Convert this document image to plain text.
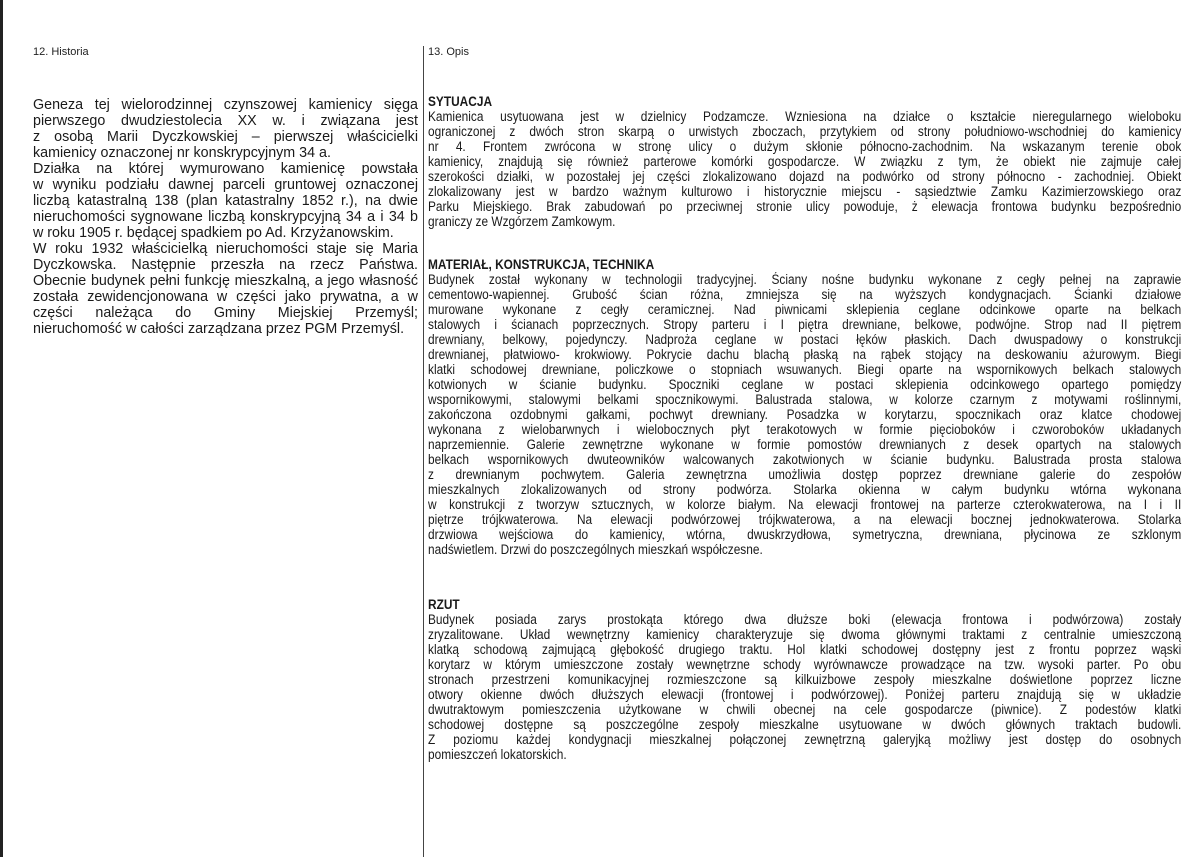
12. Historia	13. Opis
Geneza tej wielorodzinnej czynszowej kamienicy sięga
pierwszego dwudziestolecia XX w. i związana jest
z osobą Marii Dyczkowskiej – pierwszej właścicielki
kamienicy oznaczonej nr konskrypcyjnym 34 a.
Działka na której wymurowano kamienicę powstała
w wyniku podziału dawnej parceli gruntowej oznaczonej
liczbą katastralną 138 (plan katastralny 1852 r.), na dwie
nieruchomości sygnowane liczbą konskrypcyjną 34 a i 34 b
w roku 1905 r. będącej spadkiem po Ad. Krzyżanowskim.
W roku 1932 właścicielką nieruchomości staje się Maria
Dyczkowska. Następnie przeszła na rzecz Państwa.
Obecnie budynek pełni funkcję mieszkalną, a jego własność
została zewidencjonowana w części jako prywatna, a w
części należąca do Gminy Miejskiej Przemyśl;
nieruchomość w całości zarządzana przez PGM Przemyśl.
SYTUACJA
Kamienica usytuowana jest w dzielnicy Podzamcze. Wzniesiona na działce o kształcie nieregularnego wieloboku
ograniczonej z dwóch stron skarpą o urwistych zboczach, przytykiem od strony południowo-wschodniej do kamienicy
nr 4. Frontem zwrócona w stronę ulicy o dużym skłonie północno-zachodnim. Na wskazanym terenie obok
kamienicy, znajdują się również parterowe komórki gospodarcze. W związku z tym, że obiekt nie zajmuje całej
szerokości działki, w pozostałej jej części zlokalizowano dojazd na podwórko od strony północno - zachodniej. Obiekt
zlokalizowany jest w bardzo ważnym kulturowo i historycznie miejscu - sąsiedztwie Zamku Kazimierzowskiego oraz
Parku Miejskiego. Brak zabudowań po przeciwnej stronie ulicy powoduje, ż elewacja frontowa budynku bezpośrednio
graniczy ze Wzgórzem Zamkowym.
MATERIAŁ, KONSTRUKCJA, TECHNIKA
Budynek został wykonany w technologii tradycyjnej. Ściany nośne budynku wykonane z cegły pełnej na zaprawie
cementowo-wapiennej. Grubość ścian różna, zmniejsza się na wyższych kondygnacjach. Ścianki działowe
murowane wykonane z cegły ceramicznej. Nad piwnicami sklepienia ceglane odcinkowe oparte na belkach
stalowych i ścianach poprzecznych. Stropy parteru i I piętra drewniane, belkowe, podwójne. Strop nad II piętrem
drewniany, belkowy, pojedynczy. Nadproża ceglane w postaci łęków płaskich. Dach dwuspadowy o konstrukcji
drewnianej, płatwiowo- krokwiowy. Pokrycie dachu blachą płaską na rąbek stojący na deskowaniu ażurowym. Biegi
klatki schodowej drewniane, policzkowe o stopniach wsuwanych. Biegi oparte na wspornikowych belkach stalowych
kotwionych w ścianie budynku. Spoczniki ceglane w postaci sklepienia odcinkowego opartego pomiędzy
wspornikowymi, stalowymi belkami spocznikowymi. Balustrada stalowa, w kolorze czarnym z motywami roślinnymi,
zakończona ozdobnymi gałkami, pochwyt drewniany. Posadzka w korytarzu, spocznikach oraz klatce chodowej
wykonana z wielobarwnych i wielobocznych płyt terakotowych w formie pięcioboków i czworoboków układanych
naprzemiennie. Galerie zewnętrzne wykonane w formie pomostów drewnianych z desek opartych na stalowych
belkach wspornikowych dwuteowników walcowanych zakotwionych w ścianie budynku. Balustrada prosta stalowa
z drewnianym pochwytem. Galeria zewnętrzna umożliwia dostęp poprzez drewniane galerie do zespołów
mieszkalnych zlokalizowanych od strony podwórza. Stolarka okienna w całym budynku wtórna wykonana
w konstrukcji z tworzyw sztucznych, w kolorze białym. Na elewacji frontowej na parterze czterokwaterowa, na I i II
piętrze trójkwaterowa. Na elewacji podwórzowej trójkwaterowa, a na elewacji bocznej jednokwaterowa. Stolarka
drzwiowa wejściowa do kamienicy, wtórna, dwuskrzydłowa, symetryczna, drewniana, płycinowa ze szklonym
nadświetlem. Drzwi do poszczególnych mieszkań współczesne.
RZUT
Budynek posiada zarys prostokąta którego dwa dłuższe boki (elewacja frontowa i podwórzowa) zostały
zryzalitowane. Układ wewnętrzny kamienicy charakteryzuje się dwoma głównymi traktami z centralnie umieszczoną
klatką schodową zajmującą głębokość drugiego traktu. Hol klatki schodowej dostępny jest z frontu poprzez wąski
korytarz w którym umieszczone zostały wewnętrzne schody wyrównawcze prowadzące na tzw. wysoki parter. Po obu
stronach przestrzeni komunikacyjnej rozmieszczone są kilkuizbowe zespoły mieszkalne doświetlone poprzez liczne
otwory okienne dwóch dłuższych elewacji (frontowej i podwórzowej). Poniżej parteru znajdują się w układzie
dwutraktowym pomieszczenia użytkowane w chwili obecnej na cele gospodarcze (piwnice). Z podestów klatki
schodowej dostępne są poszczególne zespoły mieszkalne usytuowane w dwóch głównych traktach budowli.
Z poziomu każdej kondygnacji mieszkalnej połączonej zewnętrzną galeryjką możliwy jest dostęp do osobnych
pomieszczeń lokatorskich.
